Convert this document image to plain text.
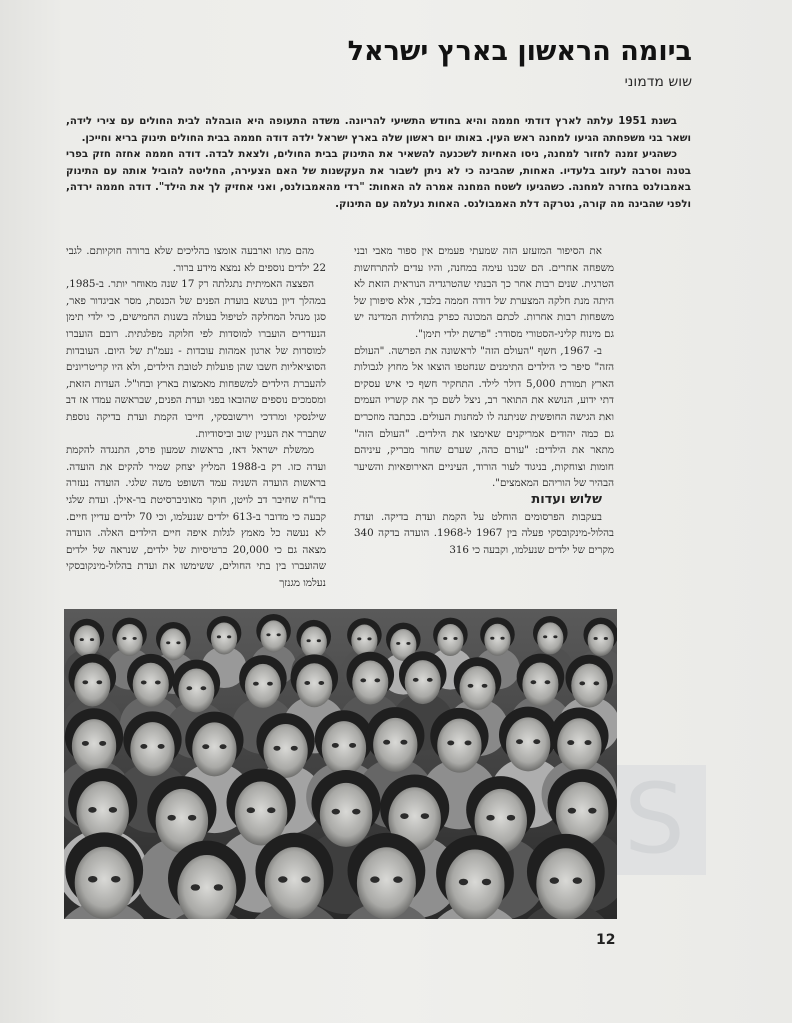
ביומה הראשון בארץ ישראל
שוש מדמוני

בשנת 1951 עלתה לארץ דודתי חממה והיא בחודש התשיעי להריונה. משדה התעופה היא הובהלה לבית החולים עם צירי לידה, ושאר בני משפחתה הגיעו למחנה ראש העין. באותו יום ראשון שלה בארץ ישראל ילדה דודה חממה בבית החולים תינוק בריא וחייכן.

כשהגיע זמנה לחזור למחנה, ניסו האחיות לשכנעה להשאיר את התינוק בבית החולים, ולצאת לבדה. דודה חממה אחזה חזק בפרי בטנה וסרבה לעזוב בלעדיו. האחות, שהבינה כי לא ניתן לשבור את העקשנות של האם הצעירה, החליטה להוביל אותה עם התינוק באמבולנס בחזרה למחנה. כשהגיעו לשטח המחנה אמרה לה האחות: "רדי מהאמבולנס, ואני אחזיק לך את הילד". דודה חממה ירדה, ולפני שהבינה מה קורה, נטרקה דלת האמבולנס. האחות נעלמה עם התינוק.

את הסיפור המזעזע הזה שמעתי פעמים אין ספור מאבי ובני משפחה אחרים. הם שכנו עימה במחנה, והיו עדים להתרחשות הטרגית. שנים רבות אחר כך הבנתי שהטרגדיה הנוראית הזאת לא היתה מנת חלקה המצערת של דודה חממה בלבד, אלא סיפורן של משפחות רבות אחרות. לכתם המכונה כפרק בתולדות המדינה יש גם מינוח קליני-הסטורי מסודר: "פרשת ילדי תימן".

ב- 1967, חשף "העולם הזה" לראשונה את הפרשה. "העולם הזה" סיפר כי הילדים התימנים שנחטפו הוצאו אל מחוץ לגבולות הארץ תמורת 5,000 דולר לילד. התחקיר חשף כי איש עסקים דתי ידוע, הנושא את התואר רב, ניצל לשם כך את קשריו העמים ואת הגישה החופשית שניתנה לו למחנות העולים. בכתבה מוזכרים גם כמה יהודים אמריקנים שאימצו את הילדים. "העולם הזה" מתאר את הילדים: "עורם כהה, שערם שחור מבריק, עיניהם חומות וצוחקות, בניגוד לעור הורוד, העיניים האירופאיות והשיער הבהיר של הוריהם המאמצים".

שלוש ועדות

בעקבות הפרסומים הוחלט על הקמת ועדת בדיקה. ועדת בהלול-מינקובסקי פעלה בין 1967 ל-1968. הועדה בדקה 340 מקרים של ילדים שנעלמו, וקבעה כי 316

מהם מתו וארבעה אומצו בהליכים שלא ברורה חוקיותם. לגבי 22 ילדים נוספים לא נמצא מידע ברור.

הפצצה האמיתית נתגלתה רק 17 שנה מאוחר יותר. ב-1985, במהלך דיון בנושא בועדת הפנים של הכנסת, מסר אביגדור פאר, סגן מנהל המחלקה לטיפול בעולה בשנות החמישים, כי ילדי תימן הנעדרים הועברו למוסדות לפי חלוקה מפלגתית. רובם הועברו למוסדות של ארגון אמהות עובדות - נעמ"ת של היום. העובדות הסוציאליות חשבו שהן פועלות לטובת הילדים, ולא היו קריטריונים להעברת הילדים למשפחות מאמצות בארץ ובחו"ל. העדות הזאת, ומסמכים נוספים שהובאו בפני ועדת הפנים, שבראשה עמדו אז דב שילנסקי ומרדכי וירשובסקי, חייבו הקמת ועדת בדיקה נוספת שתברר את העניין שוב וביסודיות.

ממשלת ישראל דאז, בראשות שמעון פרס, התנגדה להקמת ועדה כזו. רק ב-1988 המליץ יצחק שמיר להקים את הועדה. בראשות הועדה השניה עמד השופט משה שלגי. הועדה נעזרה בדו"ח שחיבר דב לויטן, חוקר מאוניברסיטת בר-אילן. ועדת שלגי קבעה כי מדובר ב-613 ילדים שנעלמו, וכי 70 ילדים עדיין חיים. לא נעשה כל מאמץ לגלות איפה חיים הילדים האלה. הועדה מצאה גם כי 20,000 כרטיסיות של ילדים, שנראה של ילדים שהועברו בין בתי החולים, ששימשו את ועדת בהלול-מינקובסקי נעלמו מגנזך

S
12
